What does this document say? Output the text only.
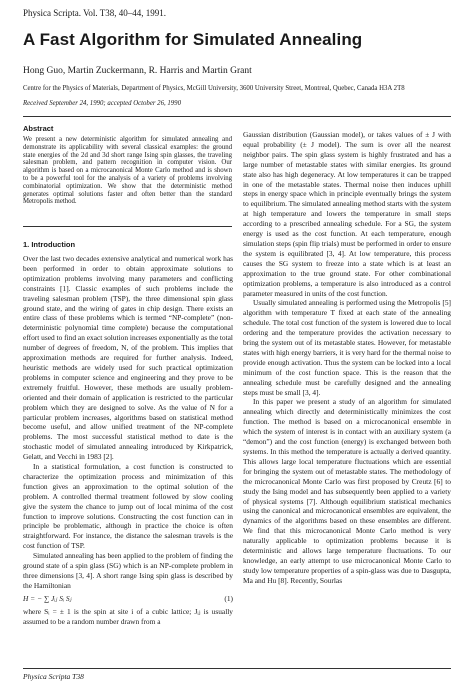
Physica Scripta. Vol. T38, 40–44, 1991.
A Fast Algorithm for Simulated Annealing
Hong Guo, Martin Zuckermann, R. Harris and Martin Grant
Centre for the Physics of Materials, Department of Physics, McGill University, 3600 University Street, Montreal, Quebec, Canada H3A 2T8
Received September 24, 1990; accepted October 26, 1990
Abstract

We present a new deterministic algorithm for simulated annealing and demonstrate its applicability with several classical examples: the ground state energies of the 2d and 3d short range Ising spin glasses, the traveling salesman problem, and pattern recognition in computer vision. Our algorithm is based on a microcanonical Monte Carlo method and is shown to be a powerful tool for the analysis of a variety of problems involving combinatorial optimization. We show that the deterministic method generates optimal solutions faster and often better than the standard Metropolis method.

1. Introduction

Over the last two decades extensive analytical and numerical work has been performed in order to obtain approximate solutions to optimization problems involving many parameters and conflicting constraints [1]. Classic examples of such problems include the traveling salesman problem (TSP), the three dimensional spin glass ground state, and the wiring of gates in chip design. There exists an entire class of these problems which is termed “NP-complete” (non-deterministic polynomial time complete) because the computational effort used to find an exact solution increases exponentially as the total number of degrees of freedom, N, of the problem. This implies that approximation methods are required for further analysis. Indeed, heuristic methods are widely used for such practical optimization problems in computer science and engineering and they prove to be extremely fruitful. However, these methods are usually problem-oriented and their domain of application is restricted to the particular problem which they are designed to solve. As the value of N for a particular problem increases, algorithms based on statistical method become useful, and allow unified treatment of the NP-complete problems. The most successful statistical method to date is the stochastic model of simulated annealing introduced by Kirkpatrick, Gelatt, and Vecchi in 1983 [2].

In a statistical formulation, a cost function is constructed to characterize the optimization process and minimization of this function gives an approximation to the optimal solution of the problem. A controlled thermal treatment followed by slow cooling give the system the chance to jump out of local minima of the cost function to improve solutions. Constructing the cost function can in principle be problematic, although in practice the choice is often straightforward. For instance, the distance the salesman travels is the cost function of TSP.

Simulated annealing has been applied to the problem of finding the ground state of a spin glass (SG) which is an NP-complete problem in three dimensions [3, 4]. A short range Ising spin glass is described by the Hamiltonian

H = − ∑ Jᵢⱼ Sᵢ Sⱼ	(1)

where Sᵢ = ± 1 is the spin at site i of a cubic lattice; Jᵢⱼ is usually assumed to be a random number drawn from a

Gaussian distribution (Gaussian model), or takes values of ± J with equal probability (± J model). The sum is over all the nearest neighbor pairs. The spin glass system is highly frustrated and has a large number of metastable states with similar energies. Its ground state also has high degeneracy. At low temperatures it can be trapped in one of the metastable states. Thermal noise then induces uphill steps in energy space which in principle eventually brings the system to equilibrium. The simulated annealing method starts with the system at high temperature and lowers the temperature in small steps according to a prescribed annealing schedule. For a SG, the system energy is used as the cost function. At each temperature, enough simulation steps (spin flip trials) must be performed in order to ensure the system is equilibrated [3, 4]. At low temperature, this process causes the SG system to freeze into a state which is at least an approximation to the true ground state. For other combinational optimization problems, a temperature is also introduced as a control parameter measured in units of the cost function.

Usually simulated annealing is performed using the Metropolis [5] algorithm with temperature T fixed at each state of the annealing schedule. The total cost function of the system is lowered due to local ordering and the temperature provides the activation necessary to bring the system out of its metastable states. However, for metastable states with high energy barriers, it is very hard for the thermal noise to provide enough activation. Thus the system can be locked into a local minimum of the cost function space. This is the reason that the annealing schedule must be carefully designed and the annealing steps must be small [3, 4].

In this paper we present a study of an algorithm for simulated annealing which directly and deterministically minimizes the cost function. The method is based on a microcanonical ensemble in which the system of interest is in contact with an auxiliary system (a “demon”) and the cost function (energy) is exchanged between both systems. In this method the temperature is actually a derived quantity. This allows large local temperature fluctuations which are essential for bringing the system out of metastable states. The methodology of the microcanonical Monte Carlo was first proposed by Creutz [6] to study the Ising model and has subsequently been applied to a variety of physical systems [7]. Although equilibrium statistical mechanics using the canonical and microcanonical ensembles are equivalent, the dynamics of the algorithms based on these ensembles are different. We find that this microcanonical Monte Carlo method is very naturally applicable to optimization problems because it is deterministic and allows large temperature fluctuations. To our knowledge, an early attempt to use microcanonical Monte Carlo to study low temperature properties of a spin-glass was due to Dasgupta, Ma and Hu [8]. Recently, Sourlas

Physica Scripta T38
